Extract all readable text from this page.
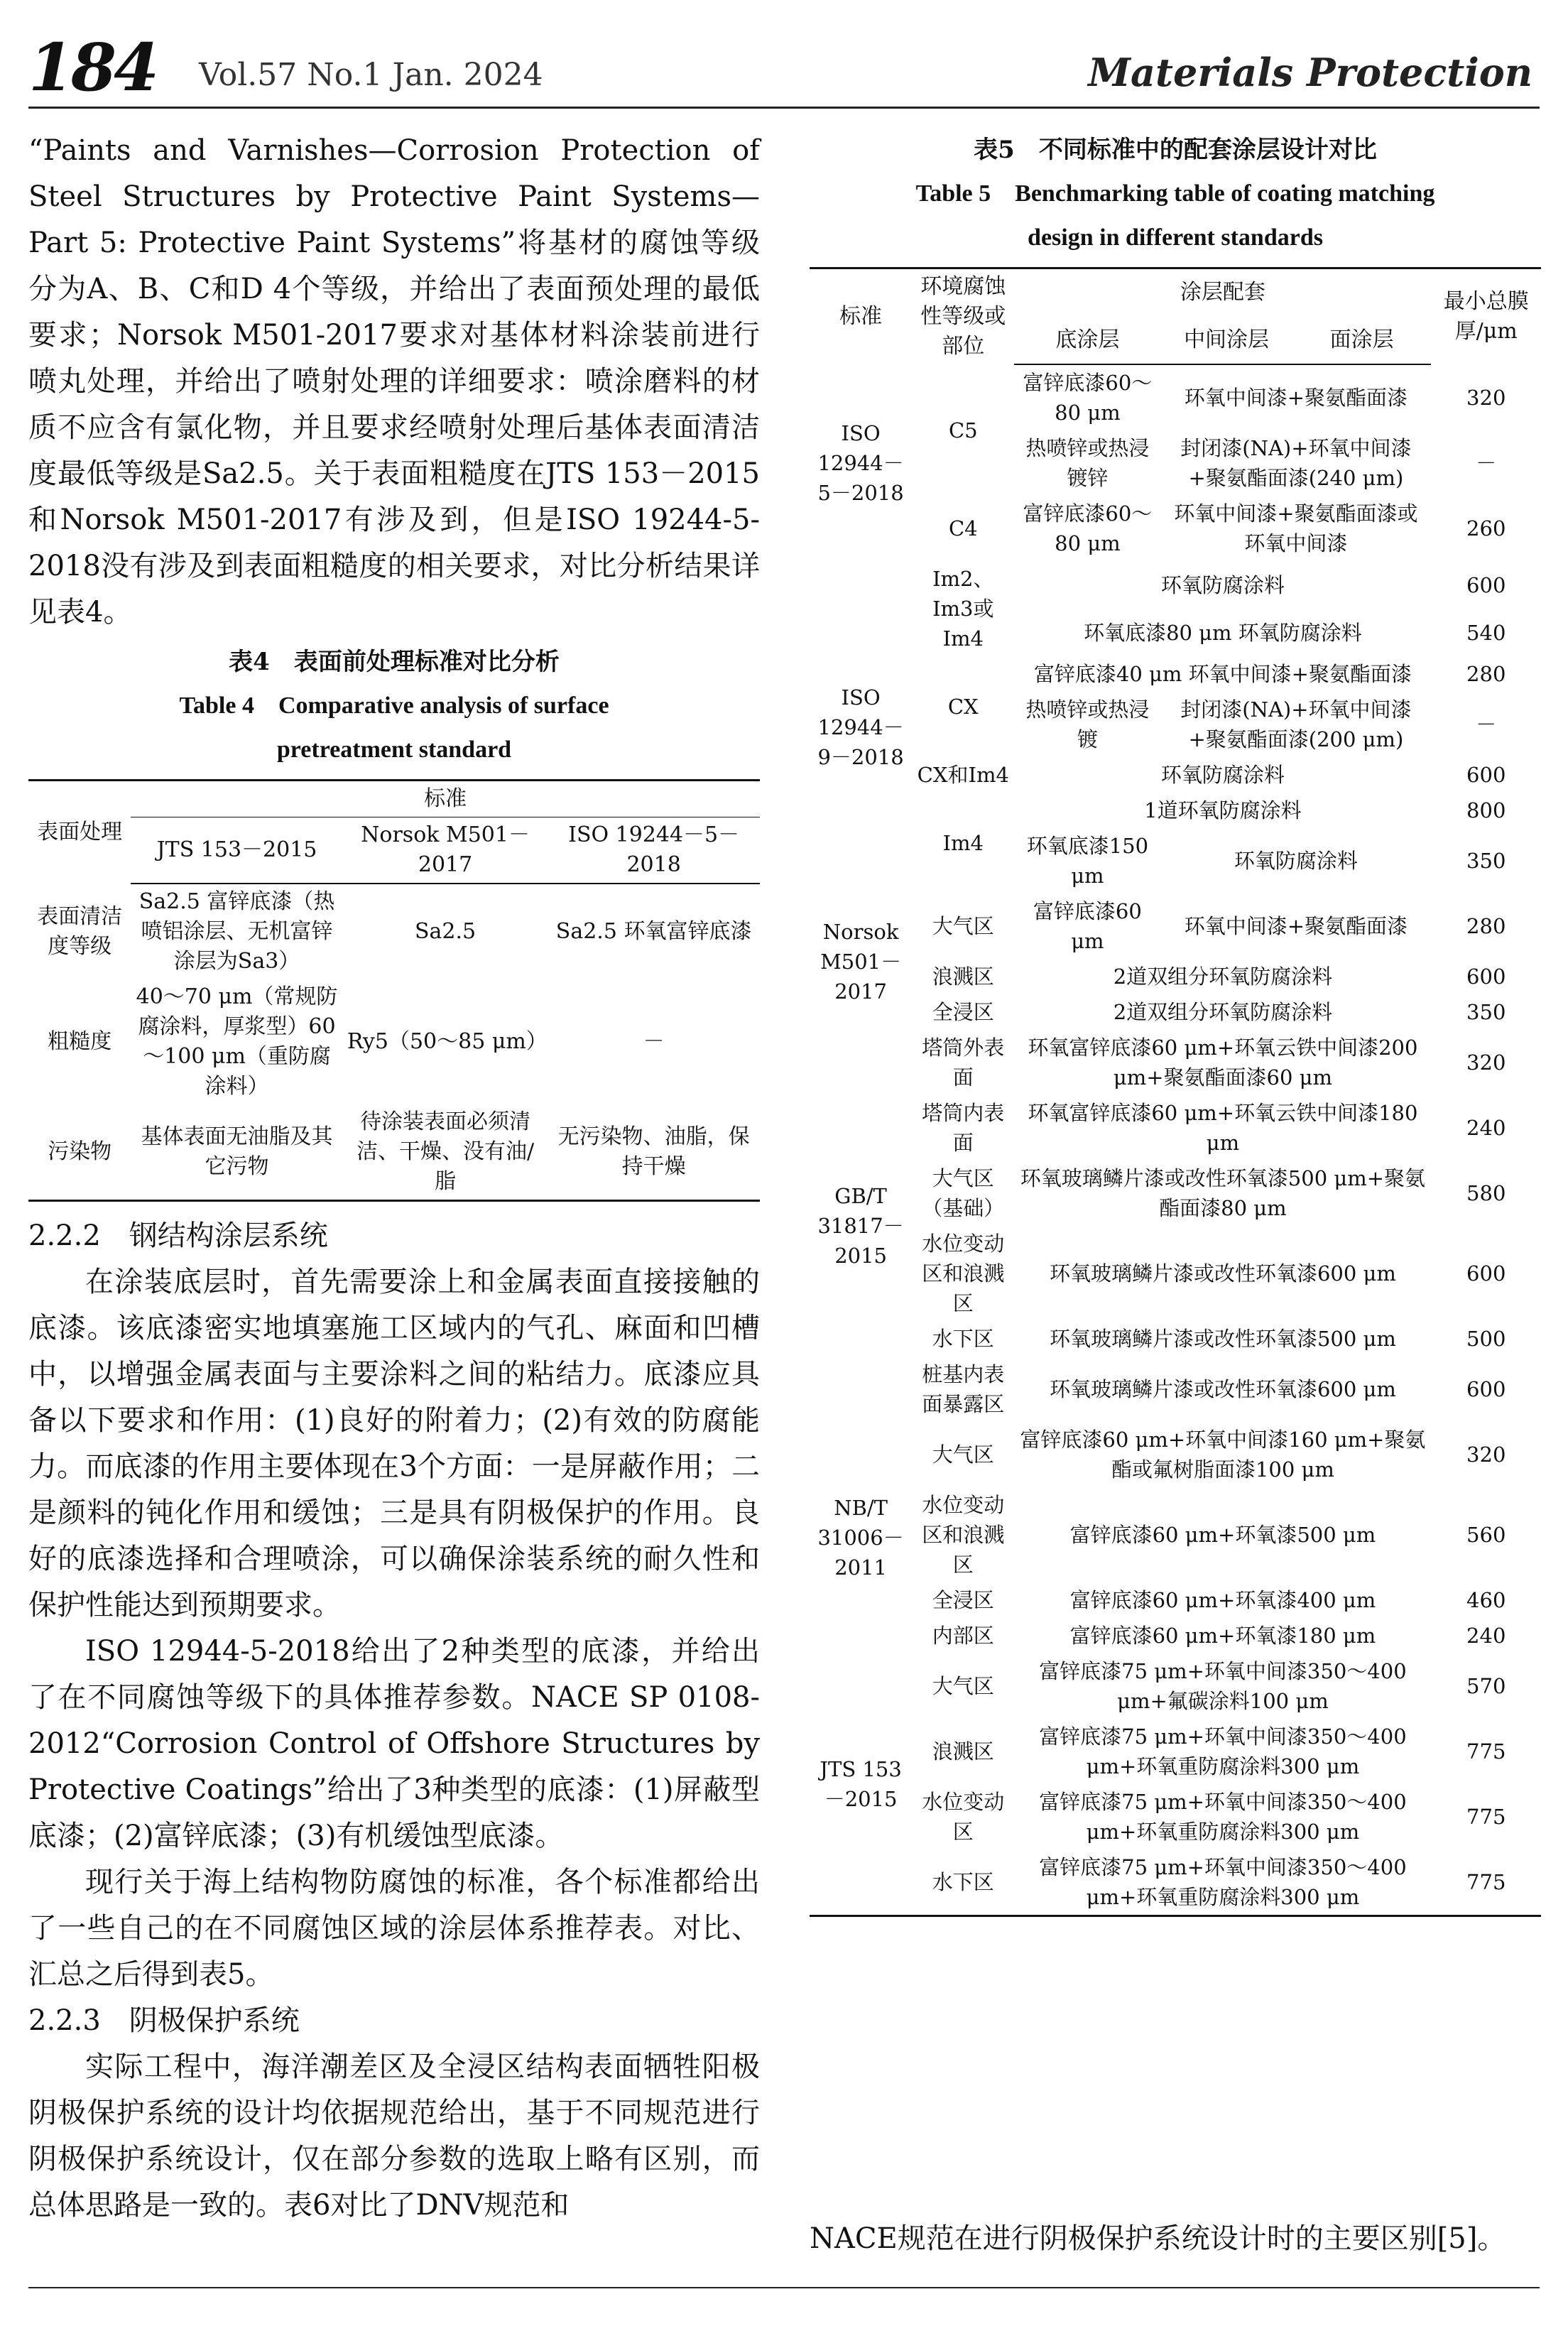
184 Vol.57 No.1 Jan. 2024	Materials Protection

“Paints and Varnishes—Corrosion Protection of Steel Structures by Protective Paint Systems—Part 5: Protective Paint Systems”将基材的腐蚀等级分为A、B、C和D 4个等级，并给出了表面预处理的最低要求；Norsok M501-2017要求对基体材料涂装前进行喷丸处理，并给出了喷射处理的详细要求：喷涂磨料的材质不应含有氯化物，并且要求经喷射处理后基体表面清洁度最低等级是Sa2.5。关于表面粗糙度在JTS 153－2015和Norsok M501-2017有涉及到，但是ISO 19244-5-2018没有涉及到表面粗糙度的相关要求，对比分析结果详见表4。

表4　表面前处理标准对比分析

Table 4　Comparative analysis of surface

pretreatment standard

表面处理	标准		
	JTS 153－2015	Norsok M501－2017	ISO 19244－5－2018
表面清洁度等级	Sa2.5 富锌底漆（热喷铝涂层、无机富锌涂层为Sa3）	Sa2.5	Sa2.5 环氧富锌底漆
粗糙度	40～70 μm（常规防腐涂料，厚浆型）60～100 μm（重防腐涂料）	Ry5（50～85 μm）	－
污染物	基体表面无油脂及其它污物	待涂装表面必须清洁、干燥、没有油/脂	无污染物、油脂，保持干燥

2.2.2　钢结构涂层系统

在涂装底层时，首先需要涂上和金属表面直接接触的底漆。该底漆密实地填塞施工区域内的气孔、麻面和凹槽中，以增强金属表面与主要涂料之间的粘结力。底漆应具备以下要求和作用：(1)良好的附着力；(2)有效的防腐能力。而底漆的作用主要体现在3个方面：一是屏蔽作用；二是颜料的钝化作用和缓蚀；三是具有阴极保护的作用。良好的底漆选择和合理喷涂，可以确保涂装系统的耐久性和保护性能达到预期要求。

ISO 12944-5-2018给出了2种类型的底漆，并给出了在不同腐蚀等级下的具体推荐参数。NACE SP 0108-2012“Corrosion Control of Offshore Structures by Protective Coatings”给出了3种类型的底漆：(1)屏蔽型底漆；(2)富锌底漆；(3)有机缓蚀型底漆。

现行关于海上结构物防腐蚀的标准，各个标准都给出了一些自己的在不同腐蚀区域的涂层体系推荐表。对比、汇总之后得到表5。

2.2.3　阴极保护系统

实际工程中，海洋潮差区及全浸区结构表面牺牲阳极阴极保护系统的设计均依据规范给出，基于不同规范进行阴极保护系统设计，仅在部分参数的选取上略有区别，而总体思路是一致的。表6对比了DNV规范和

表5　不同标准中的配套涂层设计对比

Table 5　Benchmarking table of coating matching

design in different standards

标准	环境腐蚀性等级或部位	涂层配套			最小总膜厚/μm
		底涂层	中间涂层	面涂层	
ISO 12944－5－2018	C5	富锌底漆60～80 μm	环氧中间漆+聚氨酯面漆		320
		热喷锌或热浸镀锌	封闭漆(NA)+环氧中间漆+聚氨酯面漆(240 μm)		－
	C4	富锌底漆60～80 μm	环氧中间漆+聚氨酯面漆或环氧中间漆		260
ISO 12944－9－2018	Im2、Im3或Im4	环氧防腐涂料			600
		环氧底漆80 μm 环氧防腐涂料			540
	CX	富锌底漆40 μm 环氧中间漆+聚氨酯面漆			280
		热喷锌或热浸镀	封闭漆(NA)+环氧中间漆+聚氨酯面漆(200 μm)		－
	CX和Im4	环氧防腐涂料			600
	Im4	1道环氧防腐涂料			800
		环氧底漆150 μm	环氧防腐涂料		350
Norsok M501－2017	大气区	富锌底漆60 μm	环氧中间漆+聚氨酯面漆		280
	浪溅区	2道双组分环氧防腐涂料			600
	全浸区	2道双组分环氧防腐涂料			350
GB/T 31817－2015	塔筒外表面	环氧富锌底漆60 μm+环氧云铁中间漆200 μm+聚氨酯面漆60 μm			320
	塔筒内表面	环氧富锌底漆60 μm+环氧云铁中间漆180 μm			240
	大气区（基础）	环氧玻璃鳞片漆或改性环氧漆500 μm+聚氨酯面漆80 μm			580
	水位变动区和浪溅区	环氧玻璃鳞片漆或改性环氧漆600 μm			600
	水下区	环氧玻璃鳞片漆或改性环氧漆500 μm			500
	桩基内表面暴露区	环氧玻璃鳞片漆或改性环氧漆600 μm			600
NB/T 31006－2011	大气区	富锌底漆60 μm+环氧中间漆160 μm+聚氨酯或氟树脂面漆100 μm			320
	水位变动区和浪溅区	富锌底漆60 μm+环氧漆500 μm			560
	全浸区	富锌底漆60 μm+环氧漆400 μm			460
	内部区	富锌底漆60 μm+环氧漆180 μm			240
JTS 153－2015	大气区	富锌底漆75 μm+环氧中间漆350～400 μm+氟碳涂料100 μm			570
	浪溅区	富锌底漆75 μm+环氧中间漆350～400 μm+环氧重防腐涂料300 μm			775
	水位变动区	富锌底漆75 μm+环氧中间漆350～400 μm+环氧重防腐涂料300 μm			775
	水下区	富锌底漆75 μm+环氧中间漆350～400 μm+环氧重防腐涂料300 μm			775

NACE规范在进行阴极保护系统设计时的主要区别[5]。
